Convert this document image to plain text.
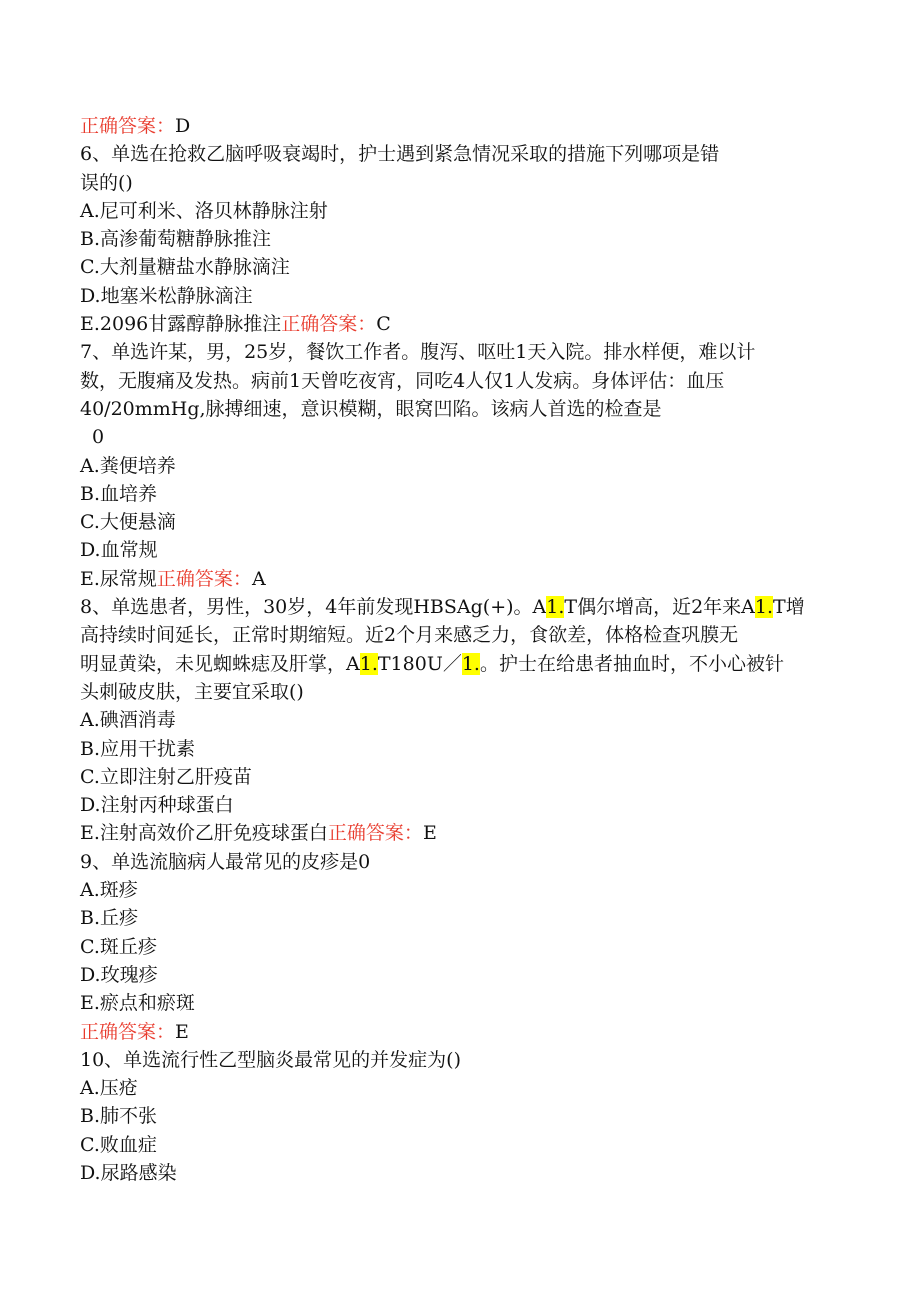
正确答案：D
6、单选在抢救乙脑呼吸衰竭时，护士遇到紧急情况采取的措施下列哪项是错
误的()
A.尼可利米、洛贝林静脉注射
B.高渗葡萄糖静脉推注
C.大剂量糖盐水静脉滴注
D.地塞米松静脉滴注
E.2096甘露醇静脉推注正确答案：C
7、单选许某，男，25岁，餐饮工作者。腹泻、呕吐1天入院。排水样便，难以计
数，无腹痛及发热。病前1天曾吃夜宵，同吃4人仅1人发病。身体评估：血压
40/20mmHg,脉搏细速，意识模糊，眼窝凹陷。该病人首选的检查是
0
A.粪便培养
B.血培养
C.大便悬滴
D.血常规
E.尿常规正确答案：A
8、单选患者，男性，30岁，4年前发现HBSAg(+)。A1.T偶尔增高，近2年来A1.T增
高持续时间延长，正常时期缩短。近2个月来感乏力，食欲差，体格检查巩膜无
明显黄染，未见蜘蛛痣及肝掌，A1.T180U／1.。护士在给患者抽血时，不小心被针
头刺破皮肤，主要宜采取()
A.碘酒消毒
B.应用干扰素
C.立即注射乙肝疫苗
D.注射丙种球蛋白
E.注射高效价乙肝免疫球蛋白正确答案：E
9、单选流脑病人最常见的皮疹是0
A.斑疹
B.丘疹
C.斑丘疹
D.玫瑰疹
E.瘀点和瘀斑
正确答案：E
10、单选流行性乙型脑炎最常见的并发症为()
A.压疮
B.肺不张
C.败血症
D.尿路感染
